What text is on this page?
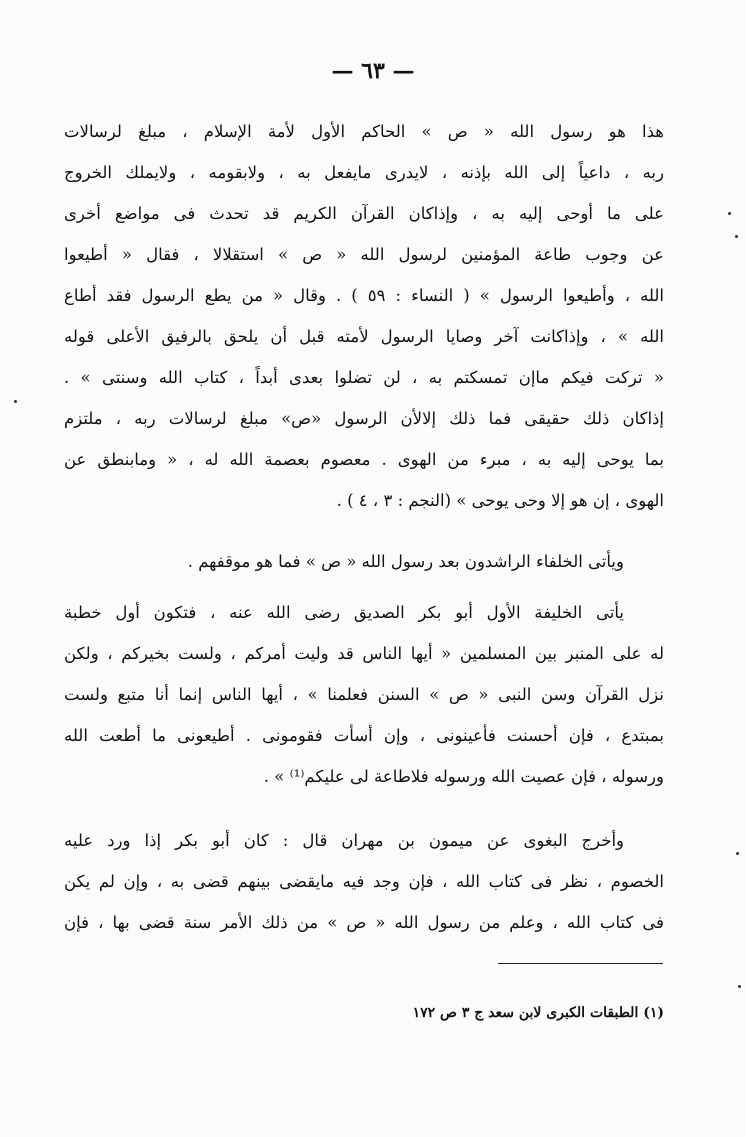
— ٦٣ —
هذا هو رسول الله « ص » الحاكم الأول لأمة الإسلام ، مبلغ لرسالات
ربه ، داعياً إلى الله بإذنه ، لايدرى مايفعل به ، ولابقومه ، ولايملك الخروج
على ما أوحى إليه به ، وإذاكان القرآن الكريم قد تحدث فى مواضع أخرى
عن وجوب طاعة المؤمنين لرسول الله « ص » استقلالا ، فقال « أطيعوا
الله ، وأطيعوا الرسول » ( النساء : ٥٩ ) . وقال « من يطع الرسول فقد أطاع
الله » ، وإذاكانت آخر وصايا الرسول لأمته قبل أن يلحق بالرفيق الأعلى قوله
« تركت فيكم ماإن تمسكتم به ، لن تضلوا بعدى أبداً ، كتاب الله وسنتى » .
إذاكان ذلك حقيقى فما ذلك إلالأن الرسول «ص» مبلغ لرسالات ربه ، ملتزم
بما يوحى إليه به ، مبرء من الهوى . معصوم بعصمة الله له ، « ومابنطق عن
الهوى ، إن هو إلا وحى يوحى » (النجم : ٣ ، ٤ ) .
ويأتى الخلفاء الراشدون بعد رسول الله « ص » فما هو موقفهم .
يأتى الخليفة الأول أبو بكر الصديق رضى الله عنه ، فتكون أول خطبة
له على المنبر بين المسلمين « أيها الناس قد وليت أمركم ، ولست بخيركم ، ولكن
نزل القرآن وسن النبى « ص » السنن فعلمنا » ، أيها الناس إنما أنا متبع ولست
بمبتدع ، فإن أحسنت فأعينونى ، وإن أسأت فقومونى . أطيعونى ما أطعت الله
ورسوله ، فإن عصيت الله ورسوله فلاطاعة لى عليكم⁽¹⁾ » .
وأخرج البغوى عن ميمون بن مهران قال : كان أبو بكر إذا ورد عليه
الخصوم ، نظر فى كتاب الله ، فإن وجد فيه مايقضى بينهم قضى به ، وإن لم يكن
فى كتاب الله ، وعلم من رسول الله « ص » من ذلك الأمر سنة قضى بها ، فإن
(١) الطبقات الكبرى لابن سعد ج ٣ ص ١٧٢
